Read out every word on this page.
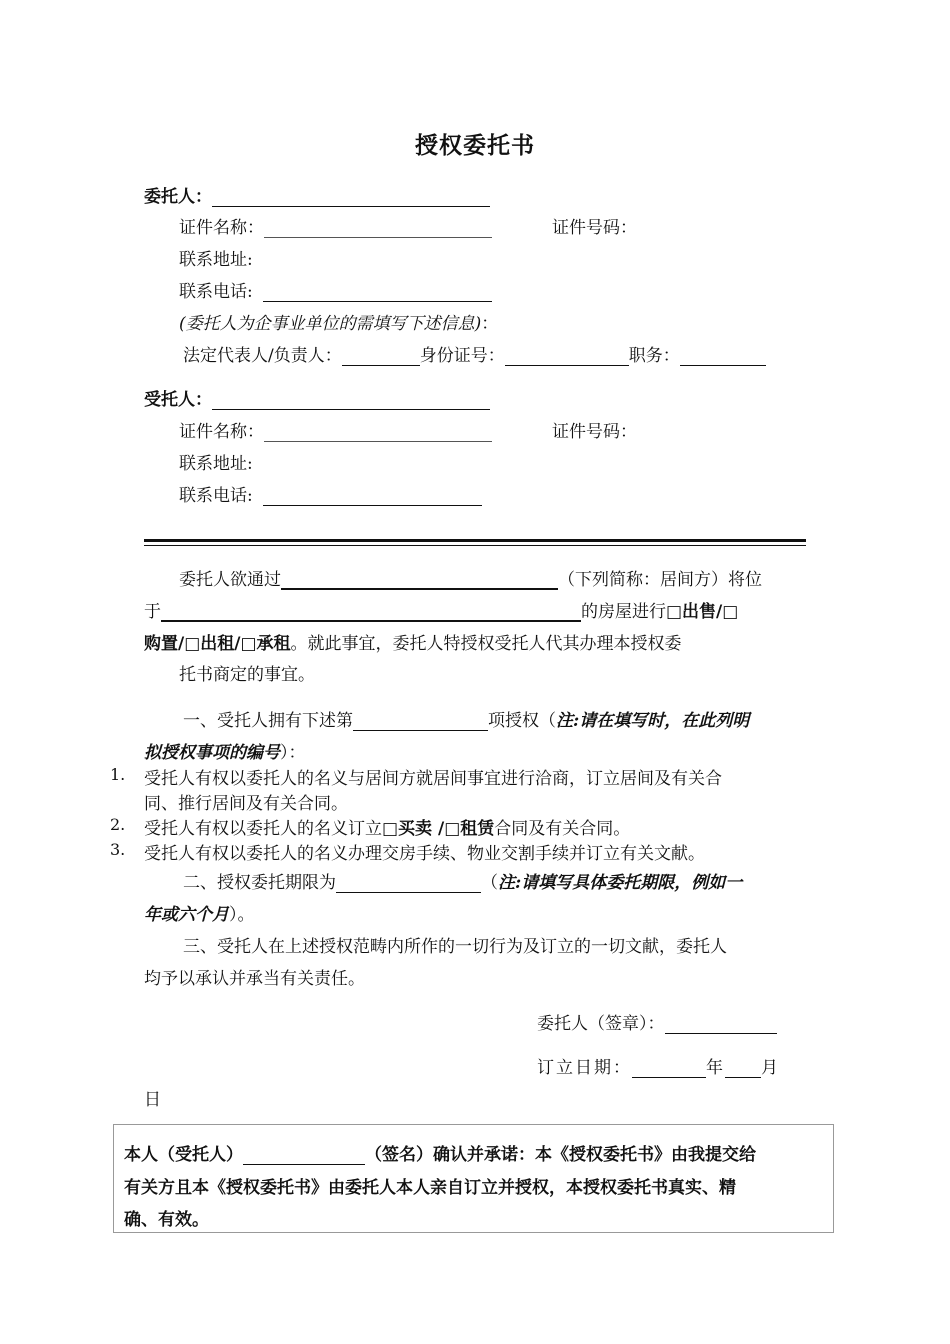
授权委托书
委托人：
证件名称：	证件号码：
联系地址:
联系电话:
(委托人为企事业单位的需填写下述信息)：
法定代表人/负责人：	身份证号：	职务：
受托人：
证件名称：	证件号码：
联系地址:
联系电话:
委托人欲通过	（下列简称：居间方）将位
于	的房屋进行□出售/□
购置/□出租/□承租。就此事宜，委托人特授权受托人代其办理本授权委
托书商定的事宜。
一、受托人拥有下述第	项授权（注:请在填写时，在此列明
拟授权事项的编号）：
1. 受托人有权以委托人的名义与居间方就居间事宜进行洽商，订立居间及有关合
同、推行居间及有关合同。
2. 受托人有权以委托人的名义订立□买卖 /□租赁合同及有关合同。
3. 受托人有权以委托人的名义办理交房手续、物业交割手续并订立有关文献。
二、授权委托期限为	（注:请填写具体委托期限，例如一
年或六个月）。
三、受托人在上述授权范畴内所作的一切行为及订立的一切文献，委托人
均予以承认并承当有关责任。
委托人（签章）：
订立日期：	年 月
日
本人（受托人）	（签名）确认并承诺：本《授权委托书》由我提交给
有关方且本《授权委托书》由委托人本人亲自订立并授权，本授权委托书真实、精
确、有效。
